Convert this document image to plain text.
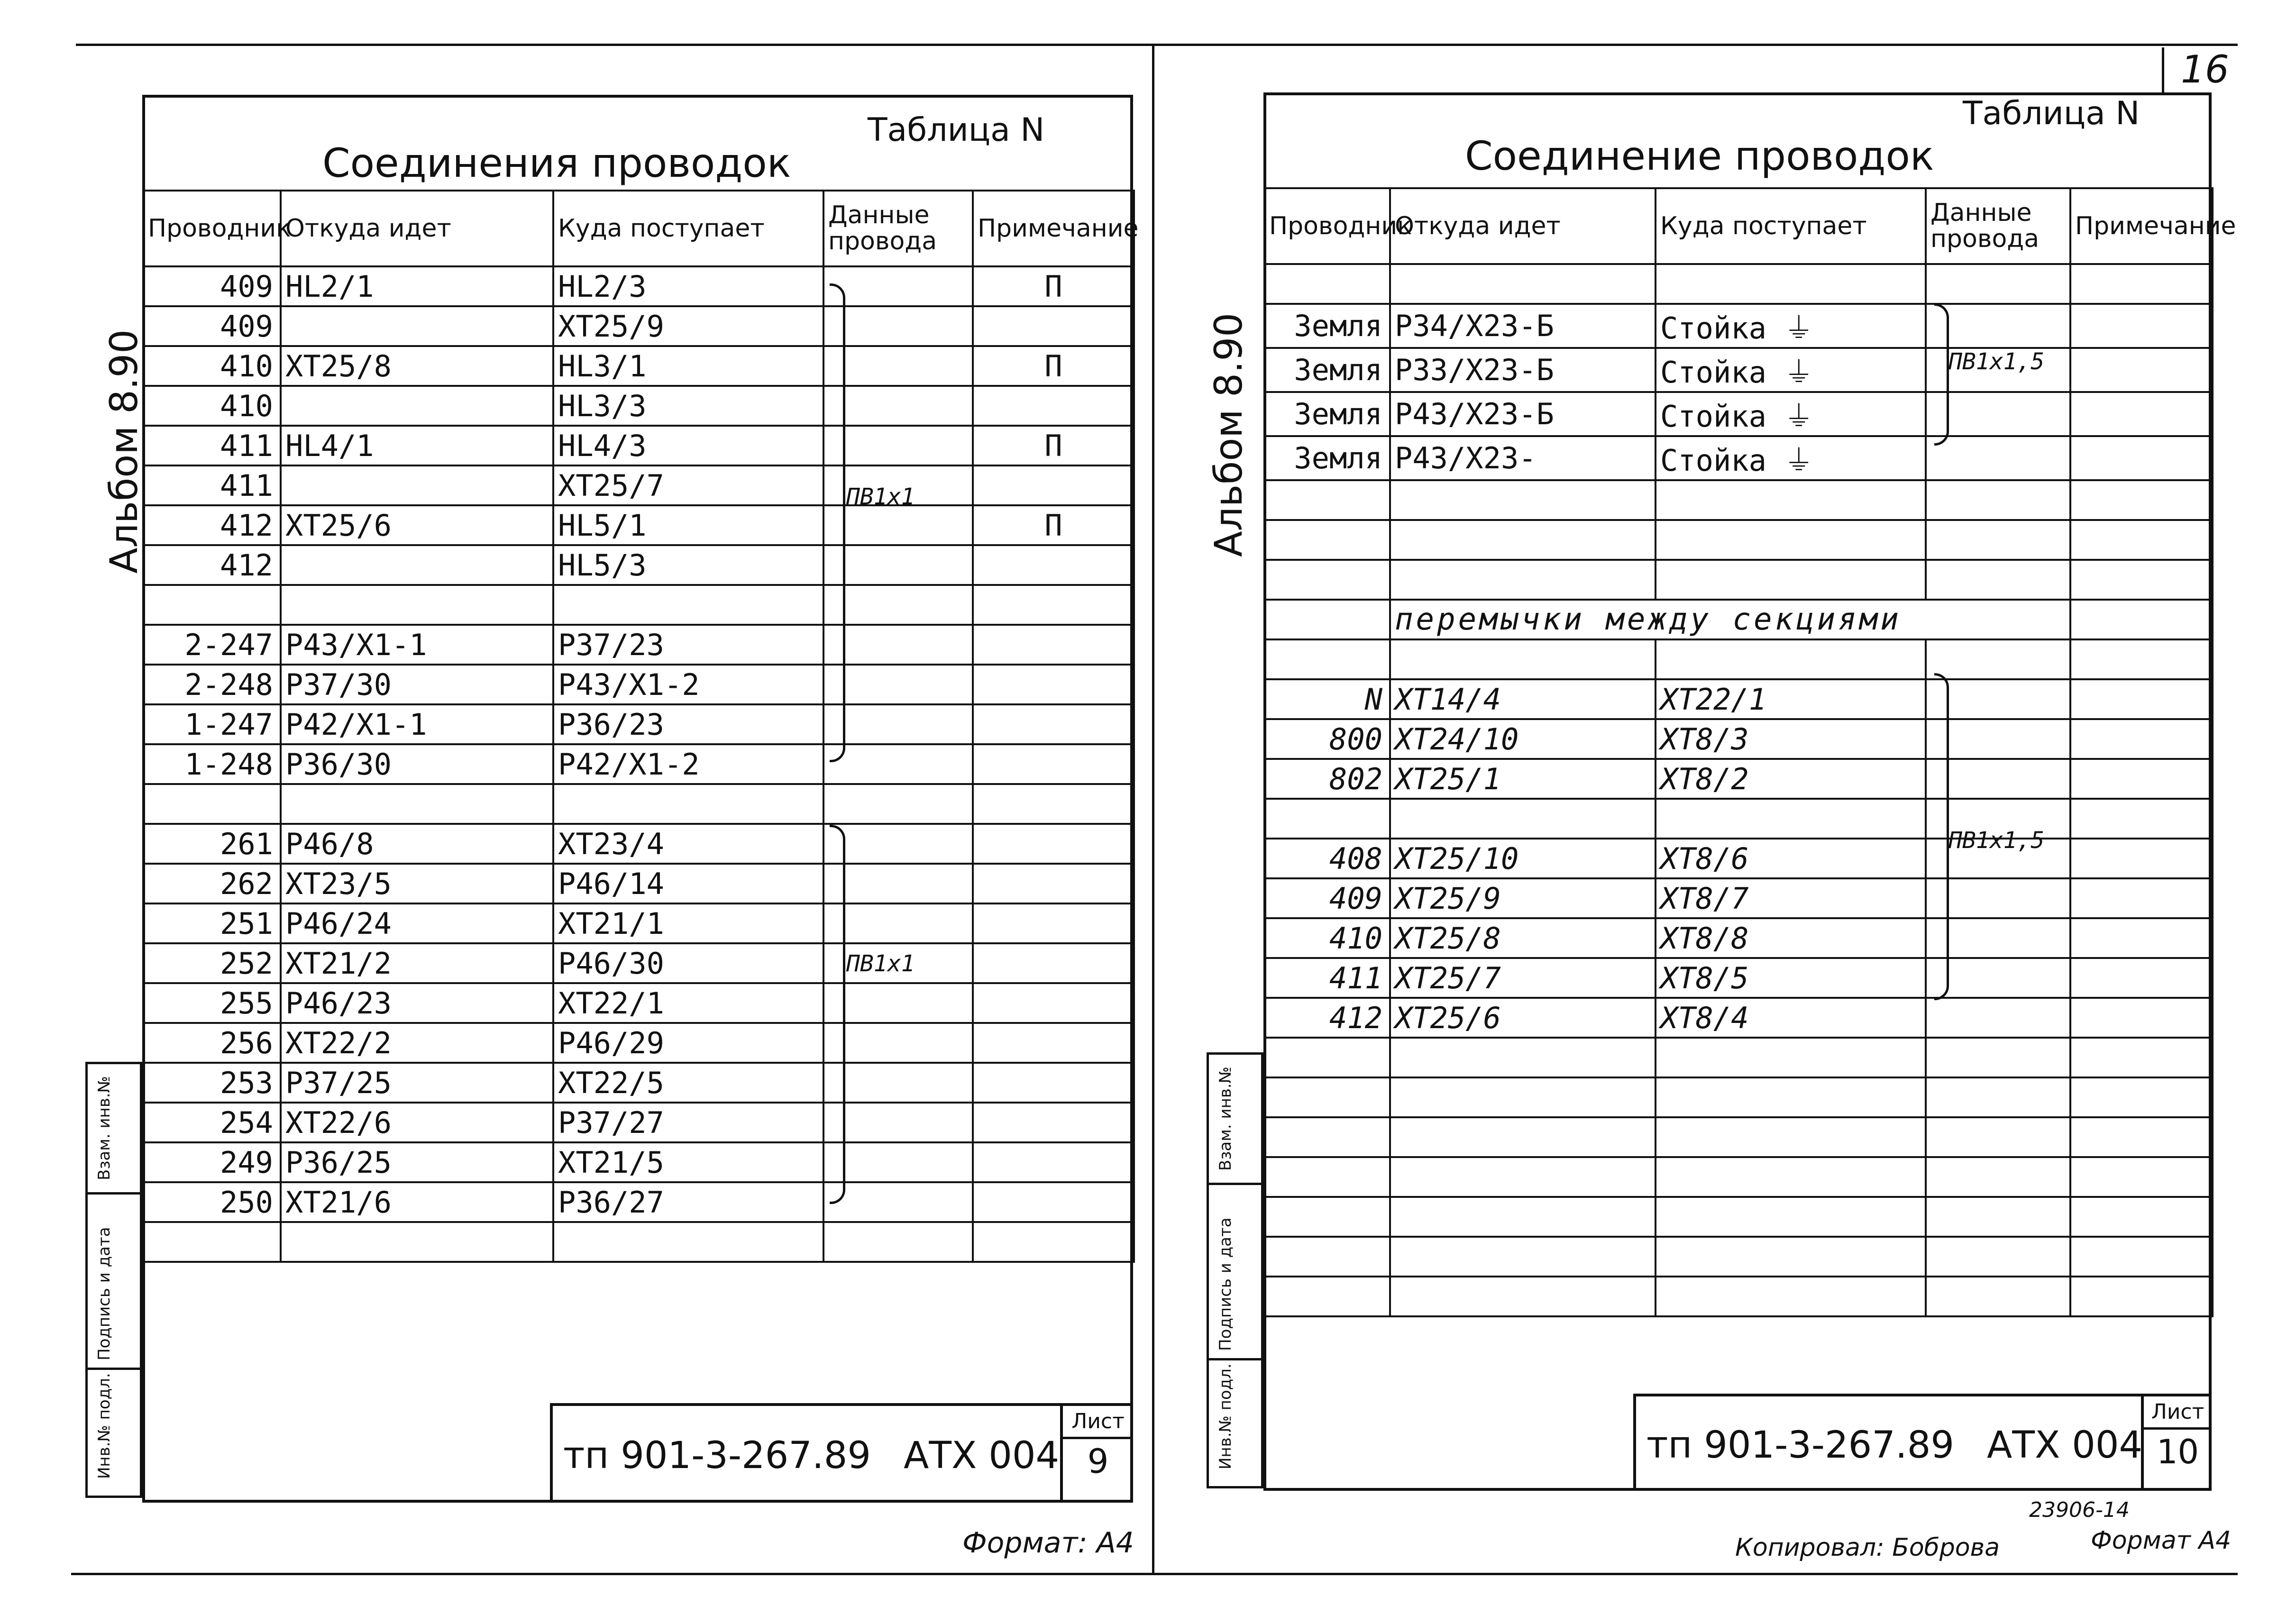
Альбом 8.90
Соединения проводок
Таблица N
Проводник	Откуда идет	Куда поступает	Данные провода	Примечание
409	HL2/1	HL2/3		П
409		XT25/9		
410	XT25/8	HL3/1		П
410		HL3/3		
411	HL4/1	HL4/3		П
411		XT25/7		
412	XT25/6	HL5/1		П
412		HL5/3		

2-247	P43/X1-1	P37/23		
2-248	P37/30	P43/X1-2		
1-247	P42/X1-1	P36/23		
1-248	P36/30	P42/X1-2		

261	P46/8	XT23/4		
262	XT23/5	P46/14		
251	P46/24	XT21/1		
252	XT21/2	P46/30		
255	P46/23	XT22/1		
256	XT22/2	P46/29		
253	P37/25	XT22/5		
254	XT22/6	P37/27		
249	P36/25	XT21/5		
250	XT21/6	P36/27		

ПВ1х1
ПВ1х1
Инв.№ подл.
Подпись и дата
Взам. инв.№
тп 901-3-267.89 АТХ 004
Лист
9
Формат: А4
16
Альбом 8.90
Соединение проводок
Таблица N
Проводник	Откуда идет	Куда поступает	Данные провода	Примечание

Земля	P34/X23-Б	Стойка ⏚		
Земля	P33/X23-Б	Стойка ⏚		
Земля	P43/X23-Б	Стойка ⏚		
Земля	P43/X23-	Стойка ⏚		

	перемычки между секциями			

N	XT14/4	XT22/1		
800	XT24/10	XT8/3		
802	XT25/1	XT8/2		

408	XT25/10	XT8/6		
409	XT25/9	XT8/7		
410	XT25/8	XT8/8		
411	XT25/7	XT8/5		
412	XT25/6	XT8/4		

ПВ1х1,5
ПВ1х1,5
Инв.№ подл.
Подпись и дата
Взам. инв.№
тп 901-3-267.89 АТХ 004
Лист
10
23906-14
Копировал: Боброва	Формат А4
